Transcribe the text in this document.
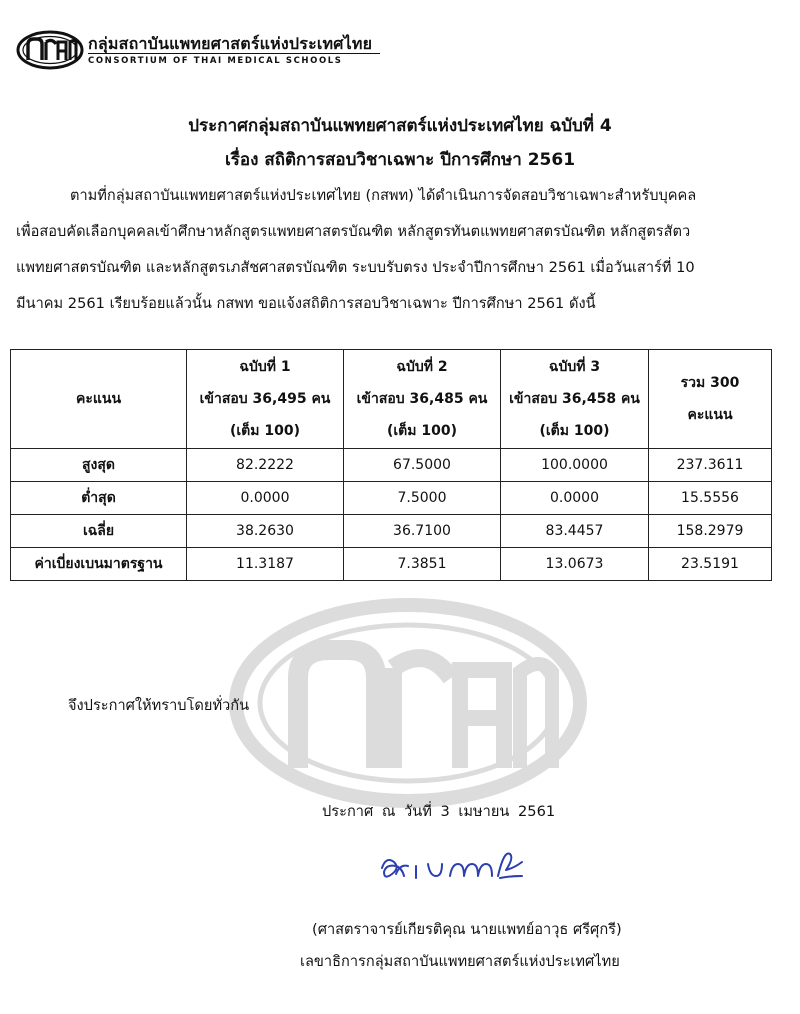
กลุ่มสถาบันแพทยศาสตร์แห่งประเทศไทย
CONSORTIUM OF THAI MEDICAL SCHOOLS
ประกาศกลุ่มสถาบันแพทยศาสตร์แห่งประเทศไทย ฉบับที่ 4
เรื่อง สถิติการสอบวิชาเฉพาะ ปีการศึกษา 2561
ตามที่กลุ่มสถาบันแพทยศาสตร์แห่งประเทศไทย (กสพท) ได้ดำเนินการจัดสอบวิชาเฉพาะสำหรับบุคคล
เพื่อสอบคัดเลือกบุคคลเข้าศึกษาหลักสูตรแพทยศาสตรบัณฑิต หลักสูตรทันตแพทยศาสตรบัณฑิต หลักสูตรสัตว
แพทยศาสตรบัณฑิต และหลักสูตรเภสัชศาสตรบัณฑิต ระบบรับตรง ประจำปีการศึกษา 2561 เมื่อวันเสาร์ที่ 10
มีนาคม 2561 เรียบร้อยแล้วนั้น กสพท ขอแจ้งสถิติการสอบวิชาเฉพาะ ปีการศึกษา 2561 ดังนี้
คะแนน	ฉบับที่ 1
เข้าสอบ 36,495 คน
(เต็ม 100)	ฉบับที่ 2
เข้าสอบ 36,485 คน
(เต็ม 100)	ฉบับที่ 3
เข้าสอบ 36,458 คน
(เต็ม 100)	รวม 300
คะแนน

สูงสุด	82.2222	67.5000	100.0000	237.3611
ต่ำสุด	0.0000	7.5000	0.0000	15.5556
เฉลี่ย	38.2630	36.7100	83.4457	158.2979
ค่าเบี่ยงเบนมาตรฐาน	11.3187	7.3851	13.0673	23.5191
จึงประกาศให้ทราบโดยทั่วกัน
ประกาศ ณ วันที่ 3 เมษายน 2561
(ศาสตราจารย์เกียรติคุณ นายแพทย์อาวุธ ศรีศุกรี)
เลขาธิการกลุ่มสถาบันแพทยศาสตร์แห่งประเทศไทย
